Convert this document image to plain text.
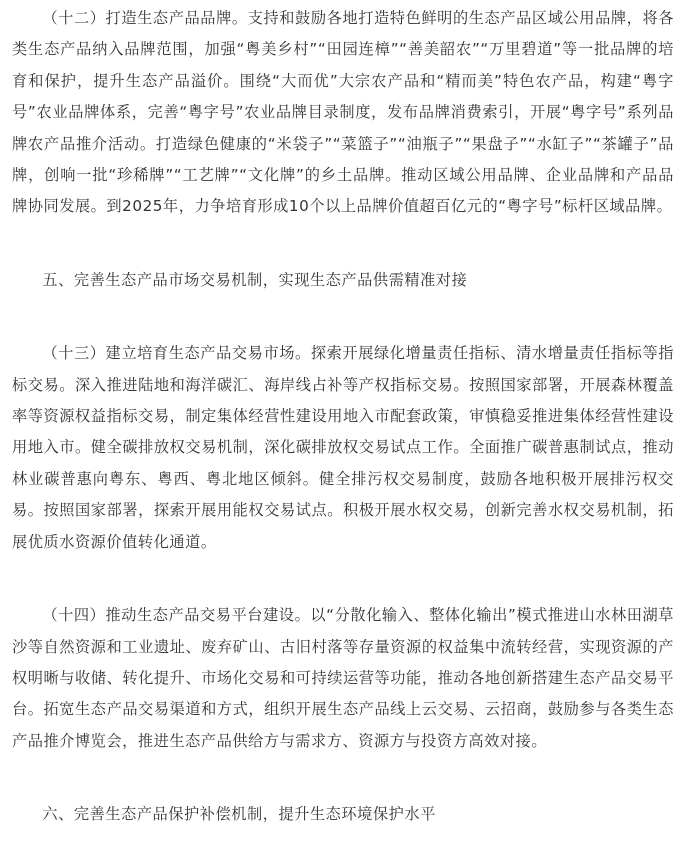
（十二）打造生态产品品牌。支持和鼓励各地打造特色鲜明的生态产品区域公用品牌，将各类生态产品纳入品牌范围，加强“粤美乡村”“田园连樟”“善美韶农”“万里碧道”等一批品牌的培育和保护，提升生态产品溢价。围绕“大而优”大宗农产品和“精而美”特色农产品，构建“粤字号”农业品牌体系，完善“粤字号”农业品牌目录制度，发布品牌消费索引，开展“粤字号”系列品牌农产品推介活动。打造绿色健康的“米袋子”“菜篮子”“油瓶子”“果盘子”“水缸子”“茶罐子”品牌，创响一批“珍稀牌”“工艺牌”“文化牌”的乡土品牌。推动区域公用品牌、企业品牌和产品品牌协同发展。到2025年，力争培育形成10个以上品牌价值超百亿元的“粤字号”标杆区域品牌。

五、完善生态产品市场交易机制，实现生态产品供需精准对接

（十三）建立培育生态产品交易市场。探索开展绿化增量责任指标、清水增量责任指标等指标交易。深入推进陆地和海洋碳汇、海岸线占补等产权指标交易。按照国家部署，开展森林覆盖率等资源权益指标交易，制定集体经营性建设用地入市配套政策，审慎稳妥推进集体经营性建设用地入市。健全碳排放权交易机制，深化碳排放权交易试点工作。全面推广碳普惠制试点，推动林业碳普惠向粤东、粤西、粤北地区倾斜。健全排污权交易制度，鼓励各地积极开展排污权交易。按照国家部署，探索开展用能权交易试点。积极开展水权交易，创新完善水权交易机制，拓展优质水资源价值转化通道。

（十四）推动生态产品交易平台建设。以“分散化输入、整体化输出”模式推进山水林田湖草沙等自然资源和工业遗址、废弃矿山、古旧村落等存量资源的权益集中流转经营，实现资源的产权明晰与收储、转化提升、市场化交易和可持续运营等功能，推动各地创新搭建生态产品交易平台。拓宽生态产品交易渠道和方式，组织开展生态产品线上云交易、云招商，鼓励参与各类生态产品推介博览会，推进生态产品供给方与需求方、资源方与投资方高效对接。

六、完善生态产品保护补偿机制，提升生态环境保护水平
